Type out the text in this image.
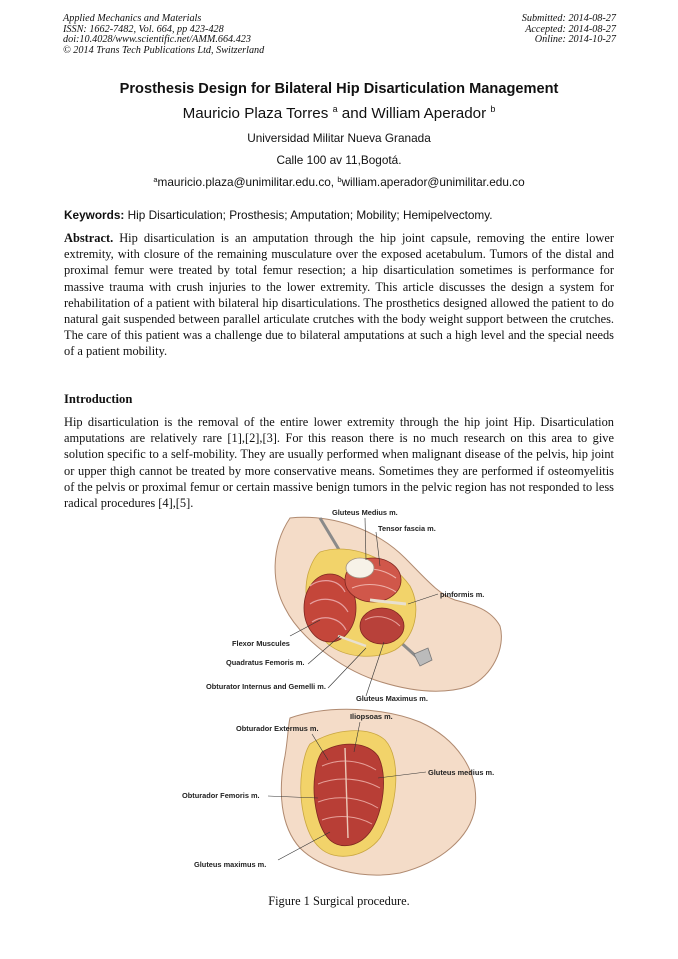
Applied Mechanics and Materials
ISSN: 1662-7482, Vol. 664, pp 423-428
doi:10.4028/www.scientific.net/AMM.664.423
© 2014 Trans Tech Publications Ltd, Switzerland
Submitted: 2014-08-27
Accepted: 2014-08-27
Online: 2014-10-27
Prosthesis Design for Bilateral Hip Disarticulation Management
Mauricio Plaza Torres $^a$ and William Aperador $^b$
Universidad Militar Nueva Granada
Calle 100 av 11,Bogotá.
$^a$mauricio.plaza@unimilitar.edu.co, $^b$william.aperador@unimilitar.edu.co
Keywords: Hip Disarticulation; Prosthesis; Amputation; Mobility; Hemipelvectomy.
Abstract. Hip disarticulation is an amputation through the hip joint capsule, removing the entire lower extremity, with closure of the remaining musculature over the exposed acetabulum. Tumors of the distal and proximal femur were treated by total femur resection; a hip disarticulation sometimes is performance for massive trauma with crush injuries to the lower extremity. This article discusses the design a system for rehabilitation of a patient with bilateral hip disarticulations. The prosthetics designed allowed the patient to do natural gait suspended between parallel articulate crutches with the body weight support between the crutches. The care of this patient was a challenge due to bilateral amputations at such a high level and the special needs of a patient mobility.
Introduction
Hip disarticulation is the removal of the entire lower extremity through the hip joint Hip. Disarticulation amputations are relatively rare [1],[2],[3]. For this reason there is no much research on this area to give solution specific to a self-mobility. They are usually performed when malignant disease of the pelvis, hip joint or upper thigh cannot be treated by more conservative means. Sometimes they are performed if osteomyelitis of the pelvis or proximal femur or certain massive benign tumors in the pelvic region has not responded to less radical procedures [4],[5].
Gluteus Medius m.
Tensor fascia m.
pinformis m.
Flexor Muscules
Quadratus Femoris m.
Obturator Internus and Gemelli m.
Gluteus Maximus m.
Iliopsoas m.
Obturador Extermus m.
Gluteus medius m.
Obturador Femoris m.
Gluteus maximus m.
Figure 1 Surgical procedure.
